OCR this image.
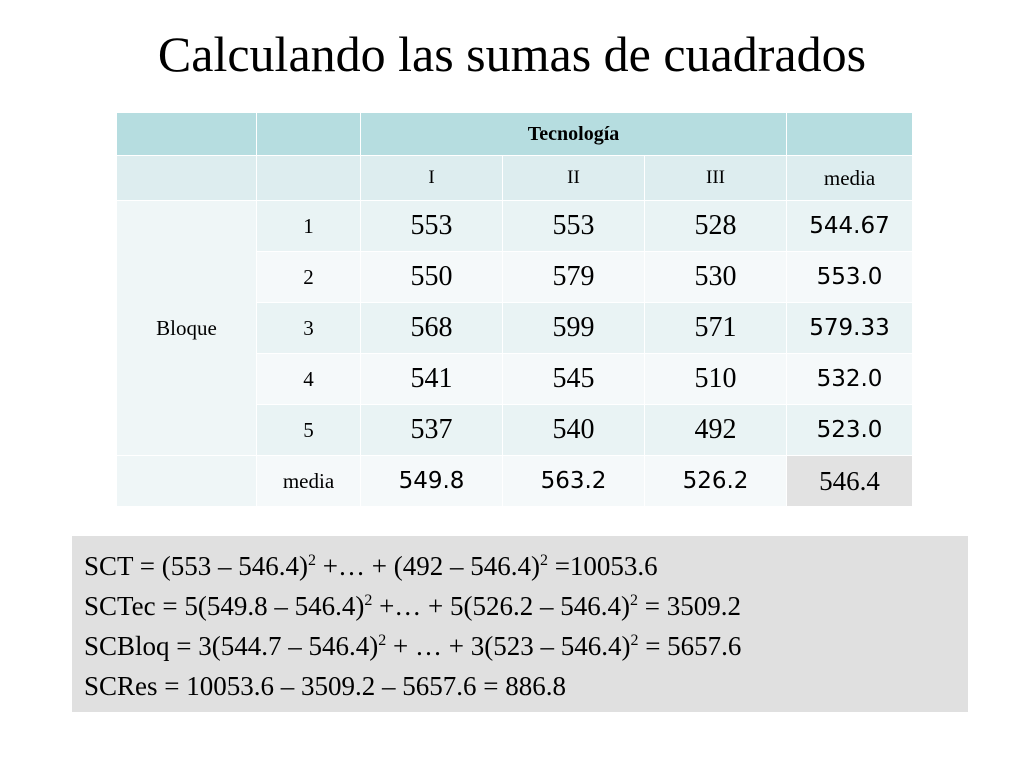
Calculando las sumas de cuadrados
		Tecnología			
		I	II	III	media
Bloque	1	553	553	528	544.67
	2	550	579	530	553.0
	3	568	599	571	579.33
	4	541	545	510	532.0
	5	537	540	492	523.0
	media	549.8	563.2	526.2	546.4
SCT = (553 – 546.4)$^2$ +… + (492 – 546.4)$^2$ =10053.6
SCTec = 5(549.8 – 546.4)$^2$ +… + 5(526.2 – 546.4)$^2$ = 3509.2
SCBloq = 3(544.7 – 546.4)$^2$ + … + 3(523 – 546.4)$^2$ = 5657.6
SCRes = 10053.6 – 3509.2 – 5657.6 = 886.8
